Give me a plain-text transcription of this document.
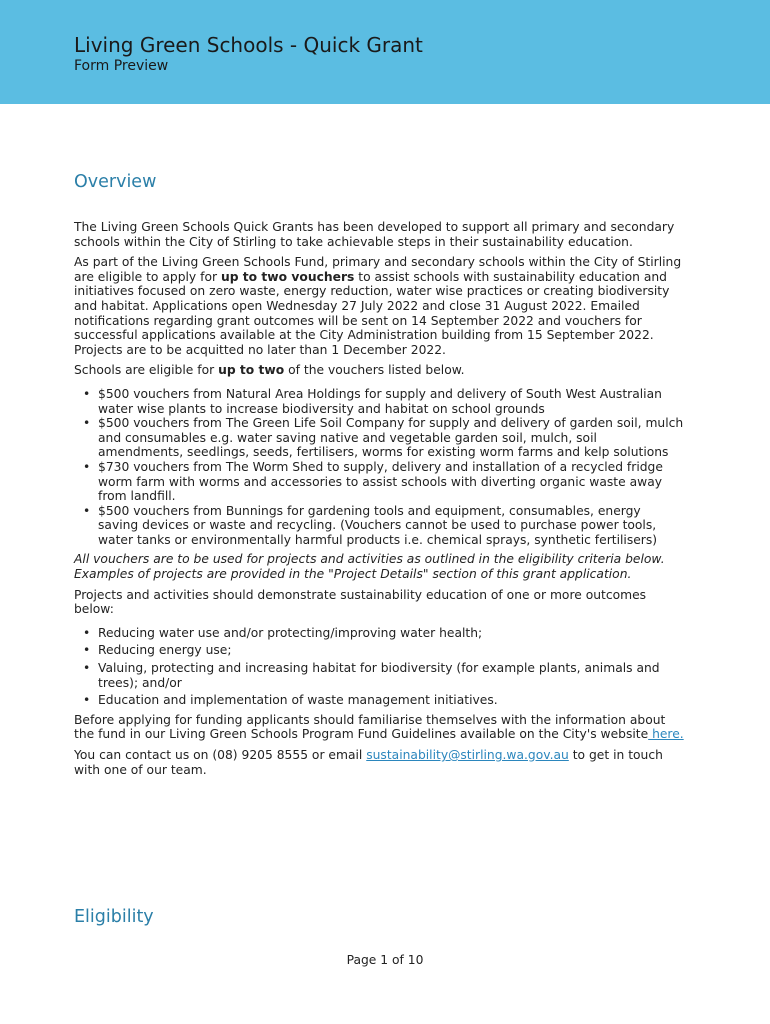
Living Green Schools - Quick Grant
Form Preview
Overview

The Living Green Schools Quick Grants has been developed to support all primary and secondary schools within the City of Stirling to take achievable steps in their sustainability education.

As part of the Living Green Schools Fund, primary and secondary schools within the City of Stirling are eligible to apply for up to two vouchers to assist schools with sustainability education and initiatives focused on zero waste, energy reduction, water wise practices or creating biodiversity and habitat. Applications open Wednesday 27 July 2022 and close 31 August 2022. Emailed notifications regarding grant outcomes will be sent on 14 September 2022 and vouchers for successful applications available at the City Administration building from 15 September 2022. Projects are to be acquitted no later than 1 December 2022.

Schools are eligible for up to two of the vouchers listed below.

• $500 vouchers from Natural Area Holdings for supply and delivery of South West Australian water wise plants to increase biodiversity and habitat on school grounds
• $500 vouchers from The Green Life Soil Company for supply and delivery of garden soil, mulch and consumables e.g. water saving native and vegetable garden soil, mulch, soil amendments, seedlings, seeds, fertilisers, worms for existing worm farms and kelp solutions
• $730 vouchers from The Worm Shed to supply, delivery and installation of a recycled fridge worm farm with worms and accessories to assist schools with diverting organic waste away from landfill.
• $500 vouchers from Bunnings for gardening tools and equipment, consumables, energy saving devices or waste and recycling. (Vouchers cannot be used to purchase power tools, water tanks or environmentally harmful products i.e. chemical sprays, synthetic fertilisers)

All vouchers are to be used for projects and activities as outlined in the eligibility criteria below. Examples of projects are provided in the "Project Details" section of this grant application.

Projects and activities should demonstrate sustainability education of one or more outcomes below:

• Reducing water use and/or protecting/improving water health;
• Reducing energy use;
• Valuing, protecting and increasing habitat for biodiversity (for example plants, animals and trees); and/or
• Education and implementation of waste management initiatives.

Before applying for funding applicants should familiarise themselves with the information about the fund in our Living Green Schools Program Fund Guidelines available on the City's website here.

You can contact us on (08) 9205 8555 or email sustainability@stirling.wa.gov.au to get in touch with one of our team.

Eligibility
Page 1 of 10
